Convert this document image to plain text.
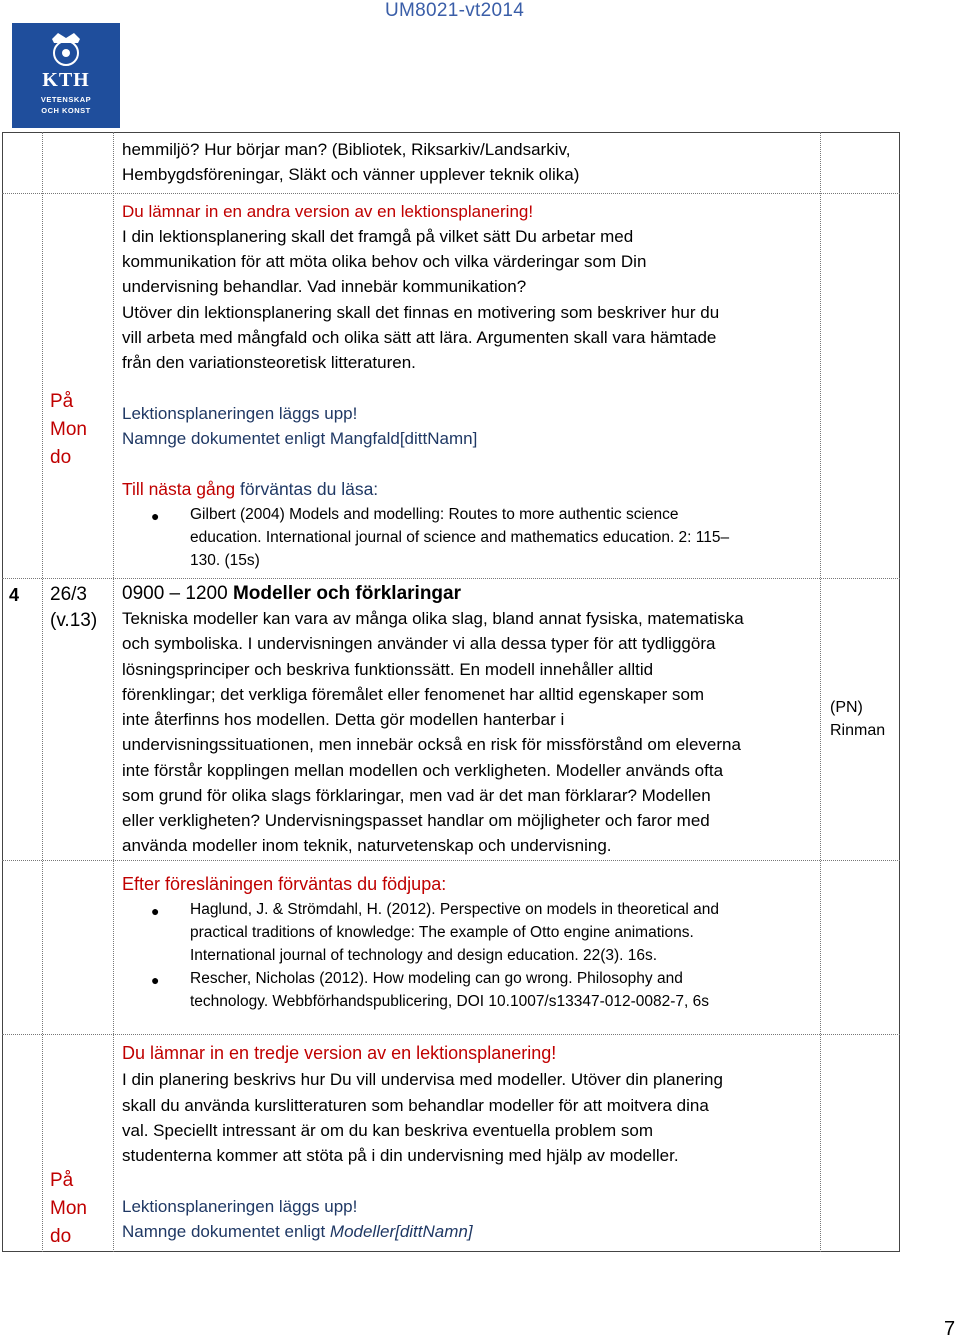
UM8021-vt2014
KTH
VETENSKAP
OCH KONST
hemmiljö? Hur börjar man? (Bibliotek, Riksarkiv/Landsarkiv,
Hembygdsföreningar, Släkt och vänner upplever teknik olika)
Du lämnar in en andra version av en lektionsplanering!
I din lektionsplanering skall det framgå på vilket sätt Du arbetar med
kommunikation för att möta olika behov och vilka värderingar som Din
undervisning behandlar. Vad innebär kommunikation?
Utöver din lektionsplanering skall det finnas en motivering som beskriver hur du
vill arbeta med mångfald och olika sätt att lära. Argumenten skall vara hämtade
från den variationsteoretisk litteraturen.
Lektionsplaneringen läggs upp!
Namnge dokumentet enligt Mangfald[dittNamn]
Till nästa gång förväntas du läsa:
● Gilbert (2004) Models and modelling: Routes to more authentic science
education. International journal of science and mathematics education. 2: 115–
130. (15s)
På
Mon
do
4 26/3
(v.13)
0900 – 1200 Modeller och förklaringar
Tekniska modeller kan vara av många olika slag, bland annat fysiska, matematiska
och symboliska. I undervisningen använder vi alla dessa typer för att tydliggöra
lösningsprinciper och beskriva funktionssätt. En modell innehåller alltid
förenklingar; det verkliga föremålet eller fenomenet har alltid egenskaper som
inte återfinns hos modellen. Detta gör modellen hanterbar i
undervisningssituationen, men innebär också en risk för missförstånd om eleverna
inte förstår kopplingen mellan modellen och verkligheten. Modeller används ofta
som grund för olika slags förklaringar, men vad är det man förklarar? Modellen
eller verkligheten? Undervisningspasset handlar om möjligheter och faror med
använda modeller inom teknik, naturvetenskap och undervisning.
(PN)
Rinman
Efter föresläningen förväntas du födjupa:
● Haglund, J. & Strömdahl, H. (2012). Perspective on models in theoretical and
practical traditions of knowledge: The example of Otto engine animations.
International journal of technology and design education. 22(3). 16s.
● Rescher, Nicholas (2012). How modeling can go wrong. Philosophy and
technology. Webbförhandspublicering, DOI 10.1007/s13347-012-0082-7, 6s
Du lämnar in en tredje version av en lektionsplanering!
I din planering beskrivs hur Du vill undervisa med modeller. Utöver din planering
skall du använda kurslitteraturen som behandlar modeller för att moitvera dina
val. Speciellt intressant är om du kan beskriva eventuella problem som
studenterna kommer att stöta på i din undervisning med hjälp av modeller.
Lektionsplaneringen läggs upp!
Namnge dokumentet enligt Modeller[dittNamn]
På
Mon
do
7
